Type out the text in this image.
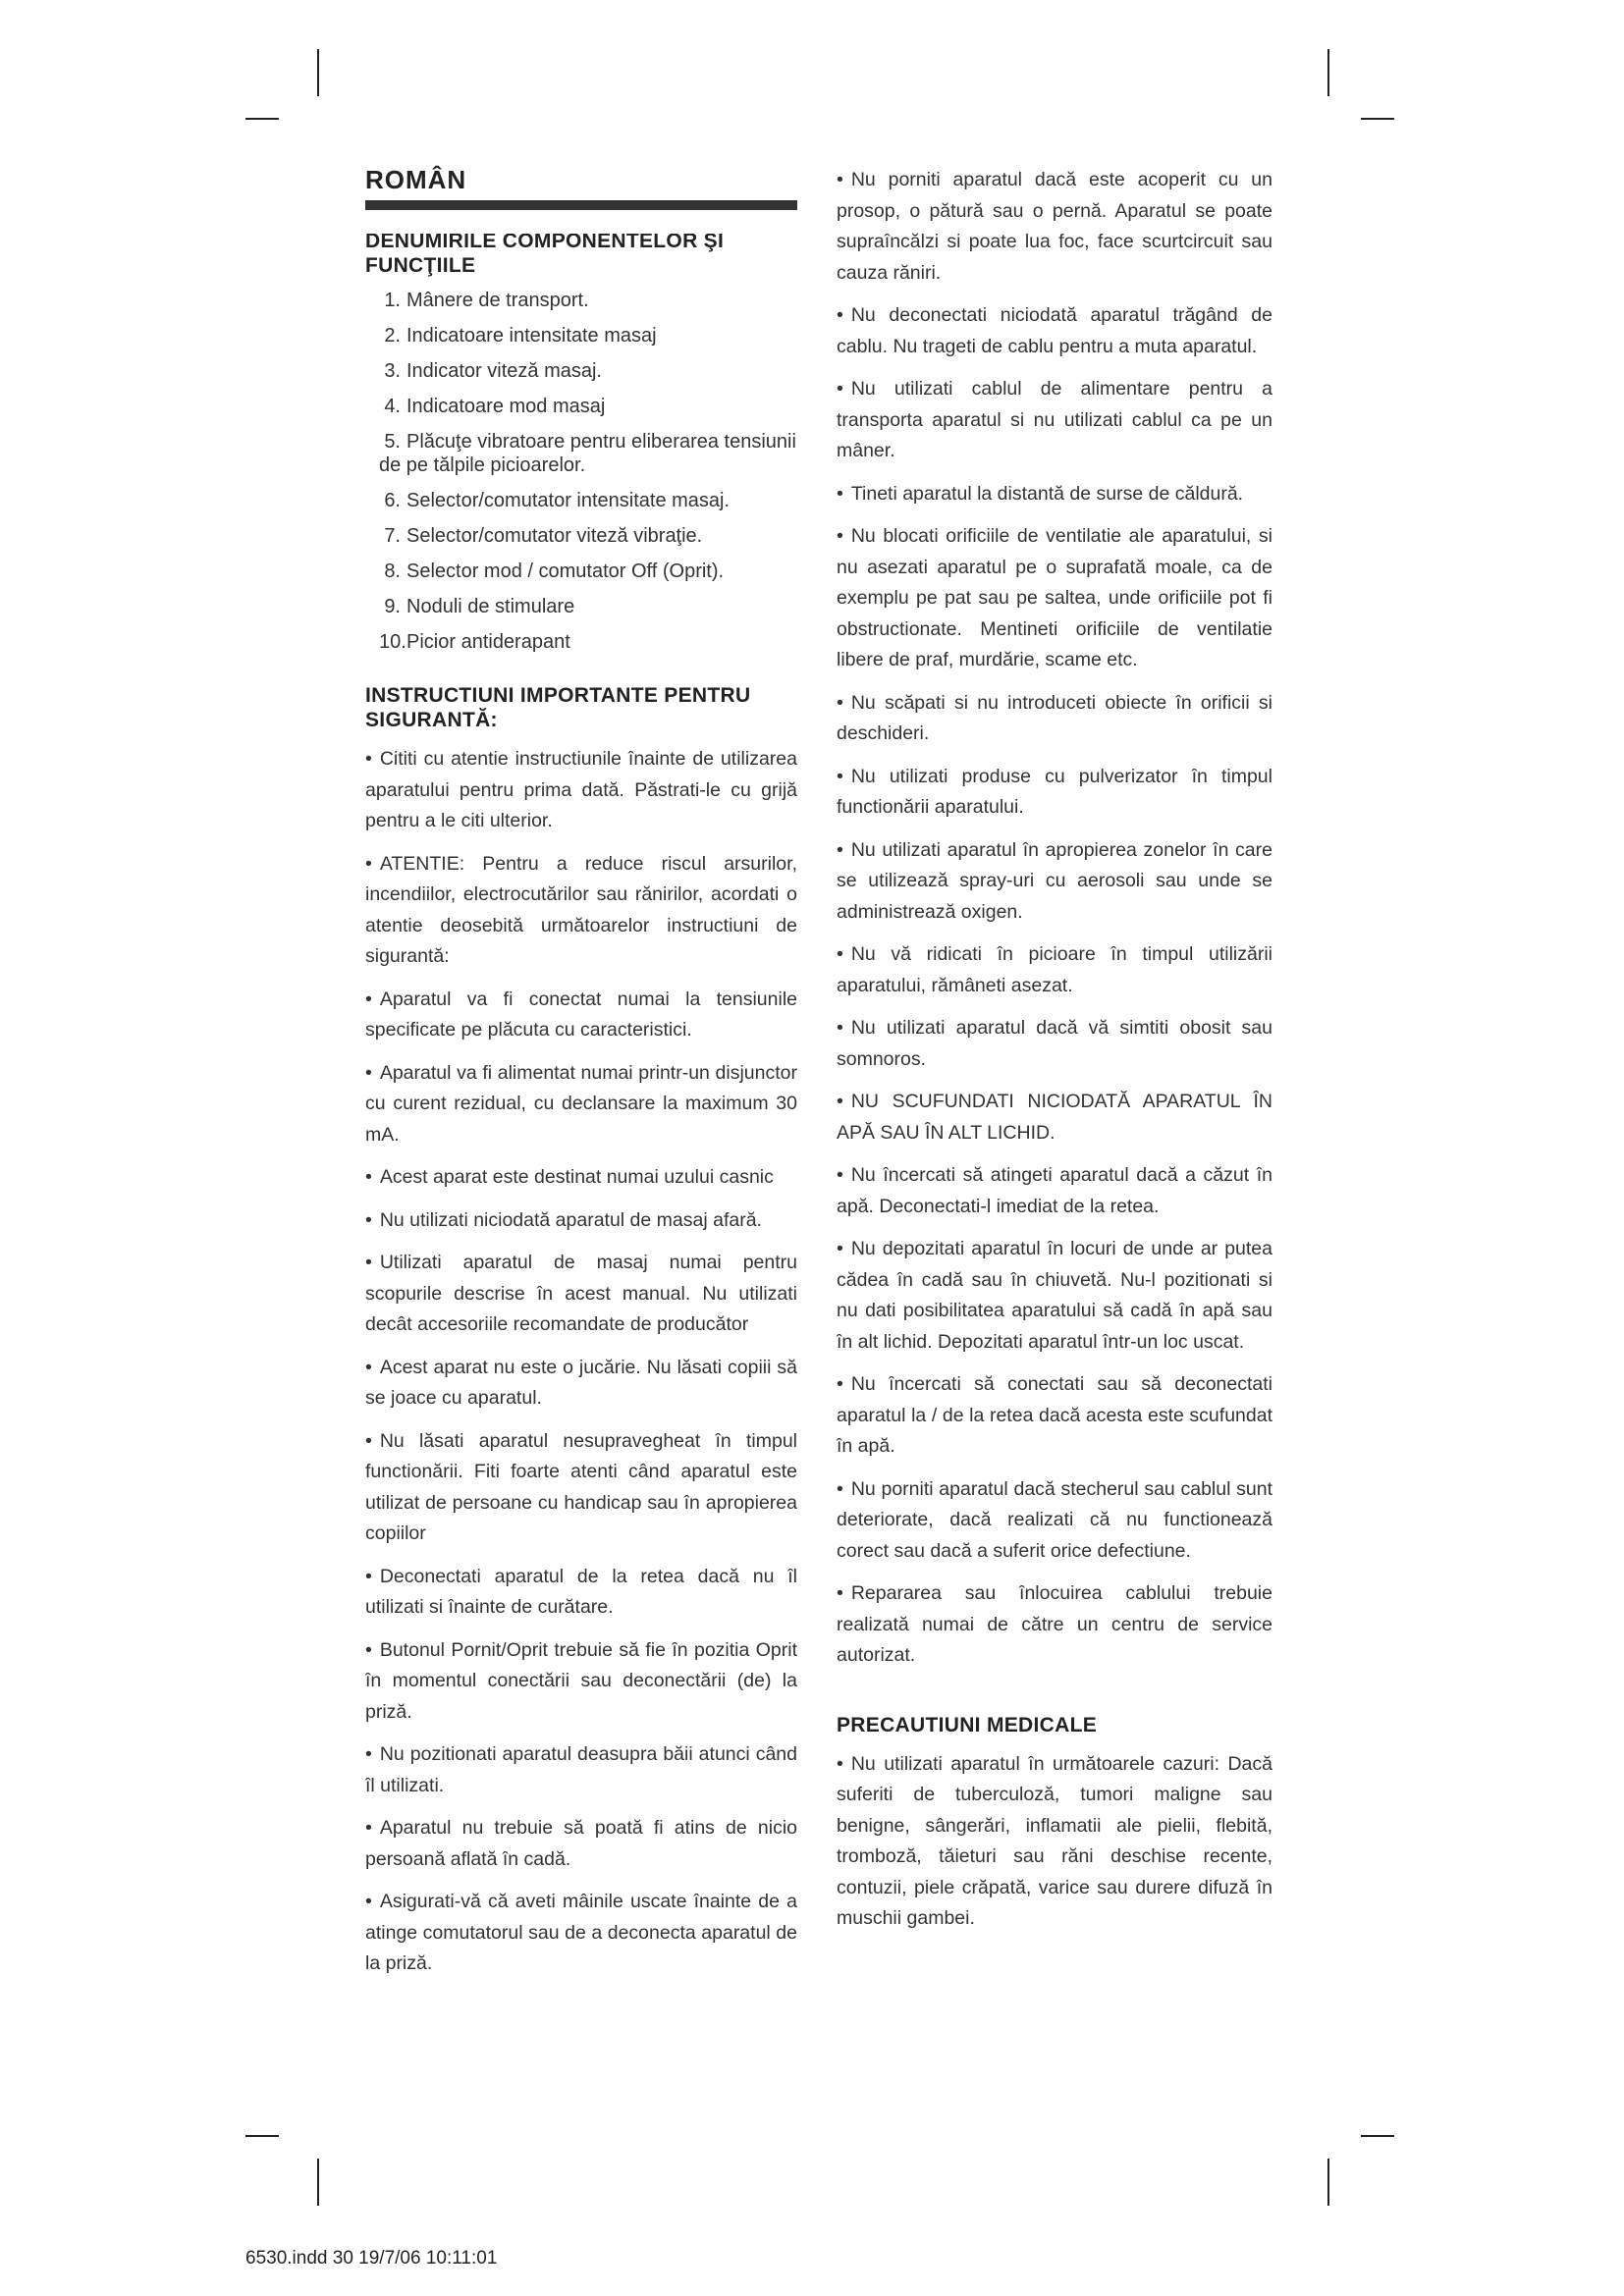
ROMÂN
DENUMIRILE COMPONENTELOR ŞI FUNCŢIILE
1. Mânere de transport.
2. Indicatoare intensitate masaj
3. Indicator viteză masaj.
4. Indicatoare mod masaj
5. Plăcuţe vibratoare pentru eliberarea tensiunii de pe tălpile picioarelor.
6. Selector/comutator intensitate masaj.
7. Selector/comutator viteză vibraţie.
8. Selector mod / comutator Off (Oprit).
9. Noduli de stimulare
10.Picior antiderapant
INSTRUCTIUNI IMPORTANTE PENTRU SIGURANTĂ:
• Cititi cu atentie instructiunile înainte de utilizarea aparatului pentru prima dată. Păstrati-le cu grijă pentru a le citi ulterior.
• ATENTIE: Pentru a reduce riscul arsurilor, incendiilor, electrocutărilor sau rănirilor, acordati o atentie deosebită următoarelor instructiuni de sigurantă:
• Aparatul va fi conectat numai la tensiunile specificate pe plăcuta cu caracteristici.
• Aparatul va fi alimentat numai printr-un disjunctor cu curent rezidual, cu declansare la maximum 30 mA.
• Acest aparat este destinat numai uzului casnic
• Nu utilizati niciodată aparatul de masaj afară.
• Utilizati aparatul de masaj numai pentru scopurile descrise în acest manual. Nu utilizati decât accesoriile recomandate de producător
• Acest aparat nu este o jucărie. Nu lăsati copiii să se joace cu aparatul.
• Nu lăsati aparatul nesupravegheat în timpul functionării. Fiti foarte atenti când aparatul este utilizat de persoane cu handicap sau în apropierea copiilor
• Deconectati aparatul de la retea dacă nu îl utilizati si înainte de curătare.
• Butonul Pornit/Oprit trebuie să fie în pozitia Oprit în momentul conectării sau deconectării (de) la priză.
• Nu pozitionati aparatul deasupra băii atunci când îl utilizati.
• Aparatul nu trebuie să poată fi atins de nicio persoană aflată în cadă.
• Asigurati-vă că aveti mâinile uscate înainte de a atinge comutatorul sau de a deconecta aparatul de la priză.
• Nu porniti aparatul dacă este acoperit cu un prosop, o pătură sau o pernă. Aparatul se poate supraîncălzi si poate lua foc, face scurtcircuit sau cauza răniri.
• Nu deconectati niciodată aparatul trăgând de cablu. Nu trageti de cablu pentru a muta aparatul.
• Nu utilizati cablul de alimentare pentru a transporta aparatul si nu utilizati cablul ca pe un mâner.
• Tineti aparatul la distantă de surse de căldură.
• Nu blocati orificiile de ventilatie ale aparatului, si nu asezati aparatul pe o suprafată moale, ca de exemplu pe pat sau pe saltea, unde orificiile pot fi obstructionate. Mentineti orificiile de ventilatie libere de praf, murdărie, scame etc.
• Nu scăpati si nu introduceti obiecte în orificii si deschideri.
• Nu utilizati produse cu pulverizator în timpul functionării aparatului.
• Nu utilizati aparatul în apropierea zonelor în care se utilizează spray-uri cu aerosoli sau unde se administrează oxigen.
• Nu vă ridicati în picioare în timpul utilizării aparatului, rămâneti asezat.
• Nu utilizati aparatul dacă vă simtiti obosit sau somnoros.
• NU SCUFUNDATI NICIODATĂ APARATUL ÎN APĂ SAU ÎN ALT LICHID.
• Nu încercati să atingeti aparatul dacă a căzut în apă. Deconectati-l imediat de la retea.
• Nu depozitati aparatul în locuri de unde ar putea cădea în cadă sau în chiuvetă. Nu-l pozitionati si nu dati posibilitatea aparatului să cadă în apă sau în alt lichid. Depozitati aparatul într-un loc uscat.
• Nu încercati să conectati sau să deconectati aparatul la / de la retea dacă acesta este scufundat în apă.
• Nu porniti aparatul dacă stecherul sau cablul sunt deteriorate, dacă realizati că nu functionează corect sau dacă a suferit orice defectiune.
• Repararea sau înlocuirea cablului trebuie realizată numai de către un centru de service autorizat.
PRECAUTIUNI MEDICALE
• Nu utilizati aparatul în următoarele cazuri: Dacă suferiti de tuberculoză, tumori maligne sau benigne, sângerări, inflamatii ale pielii, flebită, tromboză, tăieturi sau răni deschise recente, contuzii, piele crăpată, varice sau durere difuză în muschii gambei.
6530.indd 30 19/7/06 10:11:01
